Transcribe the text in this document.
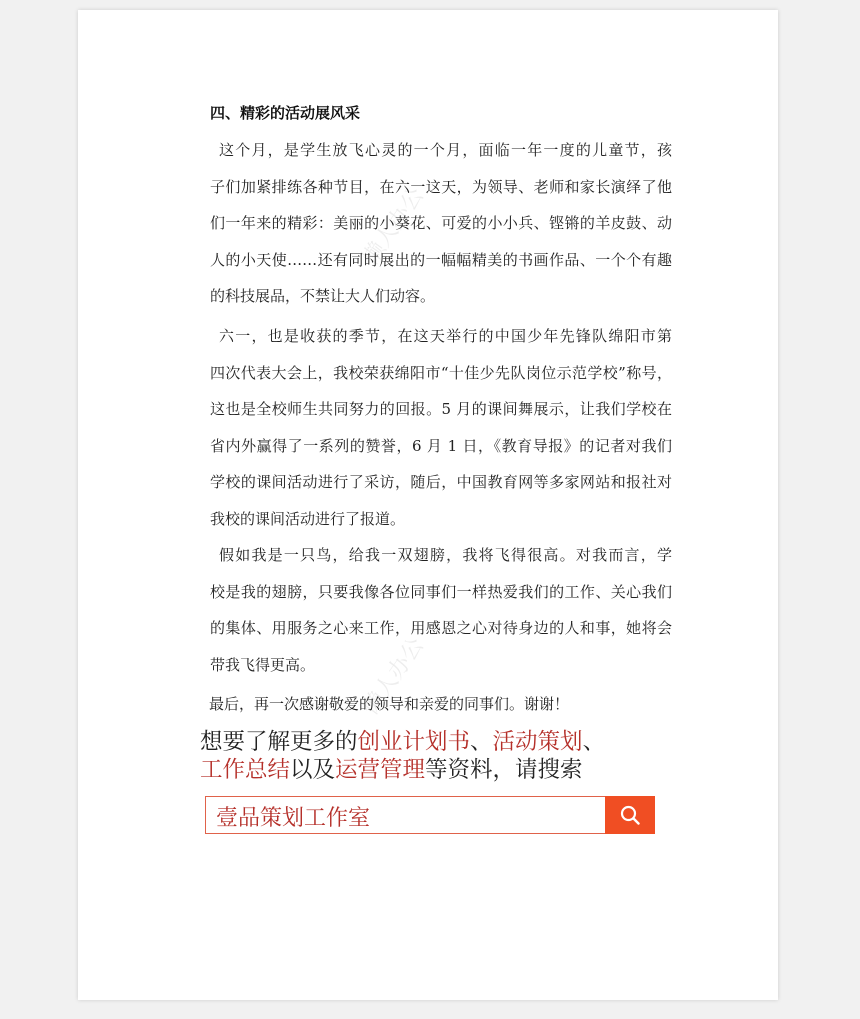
懒人办公
懒人办公
四、精彩的活动展风采
这个月，是学生放飞心灵的一个月，面临一年一度的儿童节，孩
子们加紧排练各种节目，在六一这天，为领导、老师和家长演绎了他
们一年来的精彩：美丽的小葵花、可爱的小小兵、铿锵的羊皮鼓、动
人的小天使……还有同时展出的一幅幅精美的书画作品、一个个有趣
的科技展品，不禁让大人们动容。
六一，也是收获的季节，在这天举行的中国少年先锋队绵阳市第
四次代表大会上，我校荣获绵阳市“十佳少先队岗位示范学校”称号，
这也是全校师生共同努力的回报。5 月的课间舞展示，让我们学校在
省内外赢得了一系列的赞誉，6 月 1 日，《教育导报》的记者对我们
学校的课间活动进行了采访，随后，中国教育网等多家网站和报社对
我校的课间活动进行了报道。
假如我是一只鸟，给我一双翅膀，我将飞得很高。对我而言，学
校是我的翅膀，只要我像各位同事们一样热爱我们的工作、关心我们
的集体、用服务之心来工作，用感恩之心对待身边的人和事，她将会
带我飞得更高。
最后，再一次感谢敬爱的领导和亲爱的同事们。谢谢！
想要了解更多的创业计划书、活动策划、
工作总结以及运营管理等资料，请搜索
壹品策划工作室
